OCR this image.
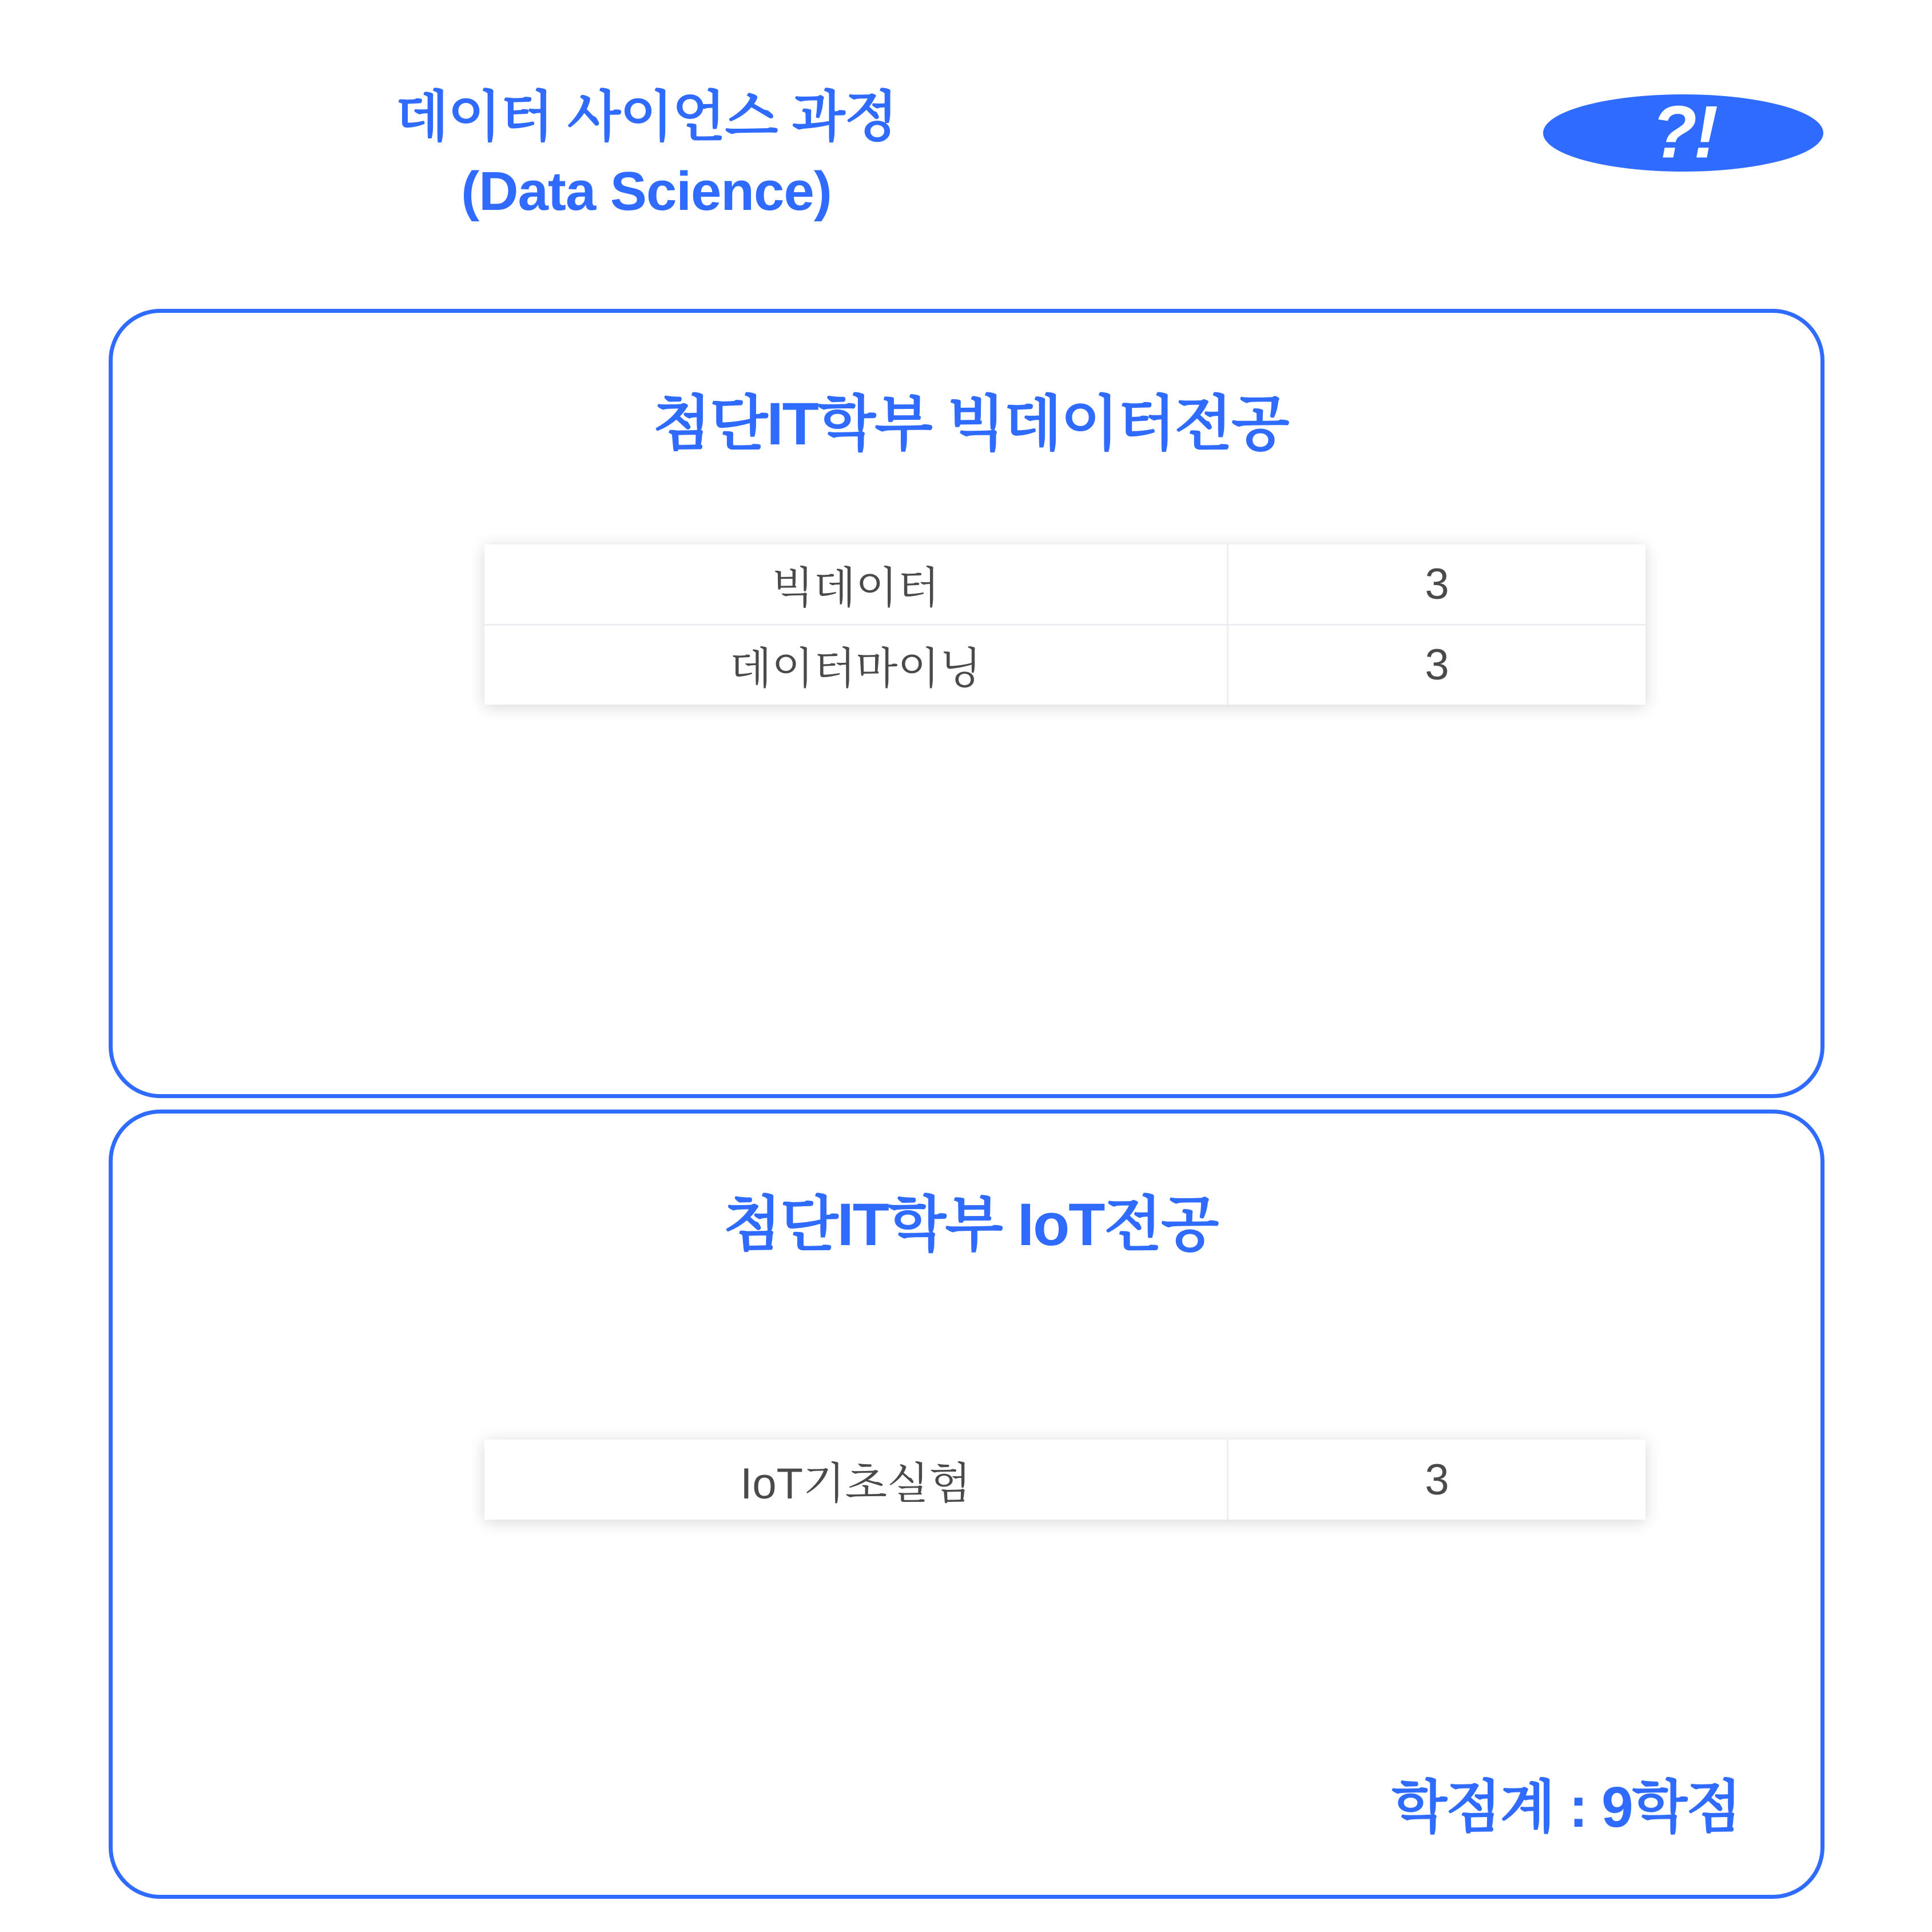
데이터 사이언스 과정
(Data Science)
?!
첨단IT학부 빅데이터전공
빅데이터	3
데이터마이닝	3
첨단IT학부 IoT전공
IoT기초실험	3
학점계 : 9학점
